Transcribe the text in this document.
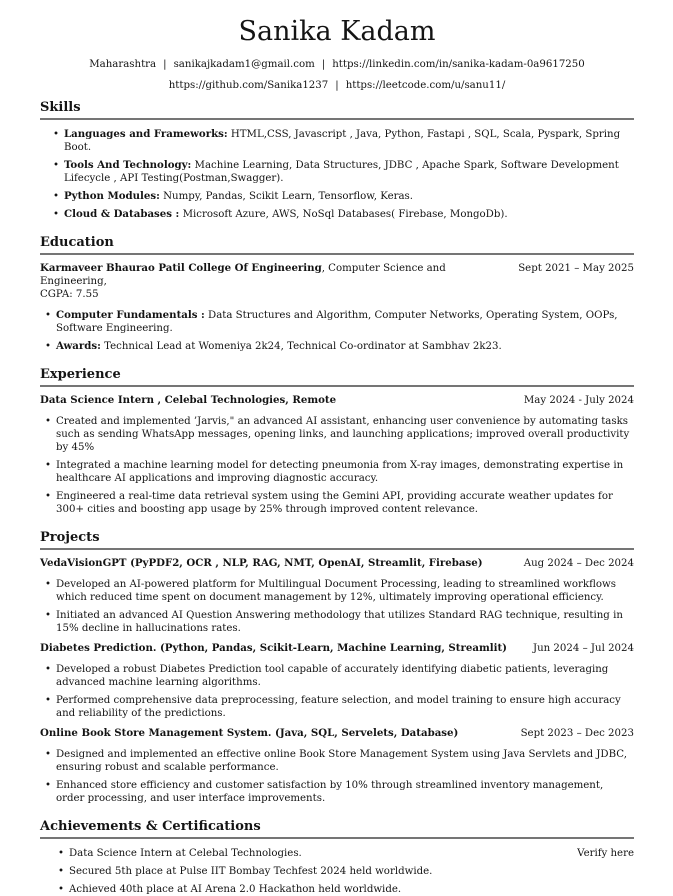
Sanika Kadam
Maharashtra | sanikajkadam1@gmail.com | https://linkedin.com/in/sanika-kadam-0a9617250
https://github.com/Sanika1237 | https://leetcode.com/u/sanu11/
Skills
• Languages and Frameworks: HTML,CSS, Javascript , Java, Python, Fastapi , SQL, Scala, Pyspark, Spring Boot.
• Tools And Technology: Machine Learning, Data Structures, JDBC , Apache Spark, Software Development Lifecycle , API Testing(Postman,Swagger).
• Python Modules: Numpy, Pandas, Scikit Learn, Tensorflow, Keras.
• Cloud & Databases : Microsoft Azure, AWS, NoSql Databases( Firebase, MongoDb).
Education
Karmaveer Bhaurao Patil College Of Engineering, Computer Science and Engineering,
Sept 2021 – May 2025
CGPA: 7.55
• Computer Fundamentals : Data Structures and Algorithm, Computer Networks, Operating System, OOPs, Software Engineering.
• Awards: Technical Lead at Womeniya 2k24, Technical Co-ordinator at Sambhav 2k23.
Experience
Data Science Intern , Celebal Technologies, Remote	May 2024 - July 2024
• Created and implemented ’Jarvis," an advanced AI assistant, enhancing user convenience by automating tasks such as sending WhatsApp messages, opening links, and launching applications; improved overall productivity by 45%
• Integrated a machine learning model for detecting pneumonia from X-ray images, demonstrating expertise in healthcare AI applications and improving diagnostic accuracy.
• Engineered a real-time data retrieval system using the Gemini API, providing accurate weather updates for 300+ cities and boosting app usage by 25% through improved content relevance.
Projects
VedaVisionGPT (PyPDF2, OCR , NLP, RAG, NMT, OpenAI, Streamlit, Firebase)	Aug 2024 – Dec 2024
• Developed an AI-powered platform for Multilingual Document Processing, leading to streamlined workflows which reduced time spent on document management by 12%, ultimately improving operational efficiency.
• Initiated an advanced AI Question Answering methodology that utilizes Standard RAG technique, resulting in 15% decline in hallucinations rates.
Diabetes Prediction. (Python, Pandas, Scikit-Learn, Machine Learning, Streamlit)	Jun 2024 – Jul 2024
• Developed a robust Diabetes Prediction tool capable of accurately identifying diabetic patients, leveraging advanced machine learning algorithms.
• Performed comprehensive data preprocessing, feature selection, and model training to ensure high accuracy and reliability of the predictions.
Online Book Store Management System. (Java, SQL, Servelets, Database)	Sept 2023 – Dec 2023
• Designed and implemented an effective online Book Store Management System using Java Servlets and JDBC, ensuring robust and scalable performance.
• Enhanced store efficiency and customer satisfaction by 10% through streamlined inventory management, order processing, and user interface improvements.
Achievements & Certifications
• Data Science Intern at Celebal Technologies.	Verify here
• Secured 5th place at Pulse IIT Bombay Techfest 2024 held worldwide.
• Achieved 40th place at AI Arena 2.0 Hackathon held worldwide.
